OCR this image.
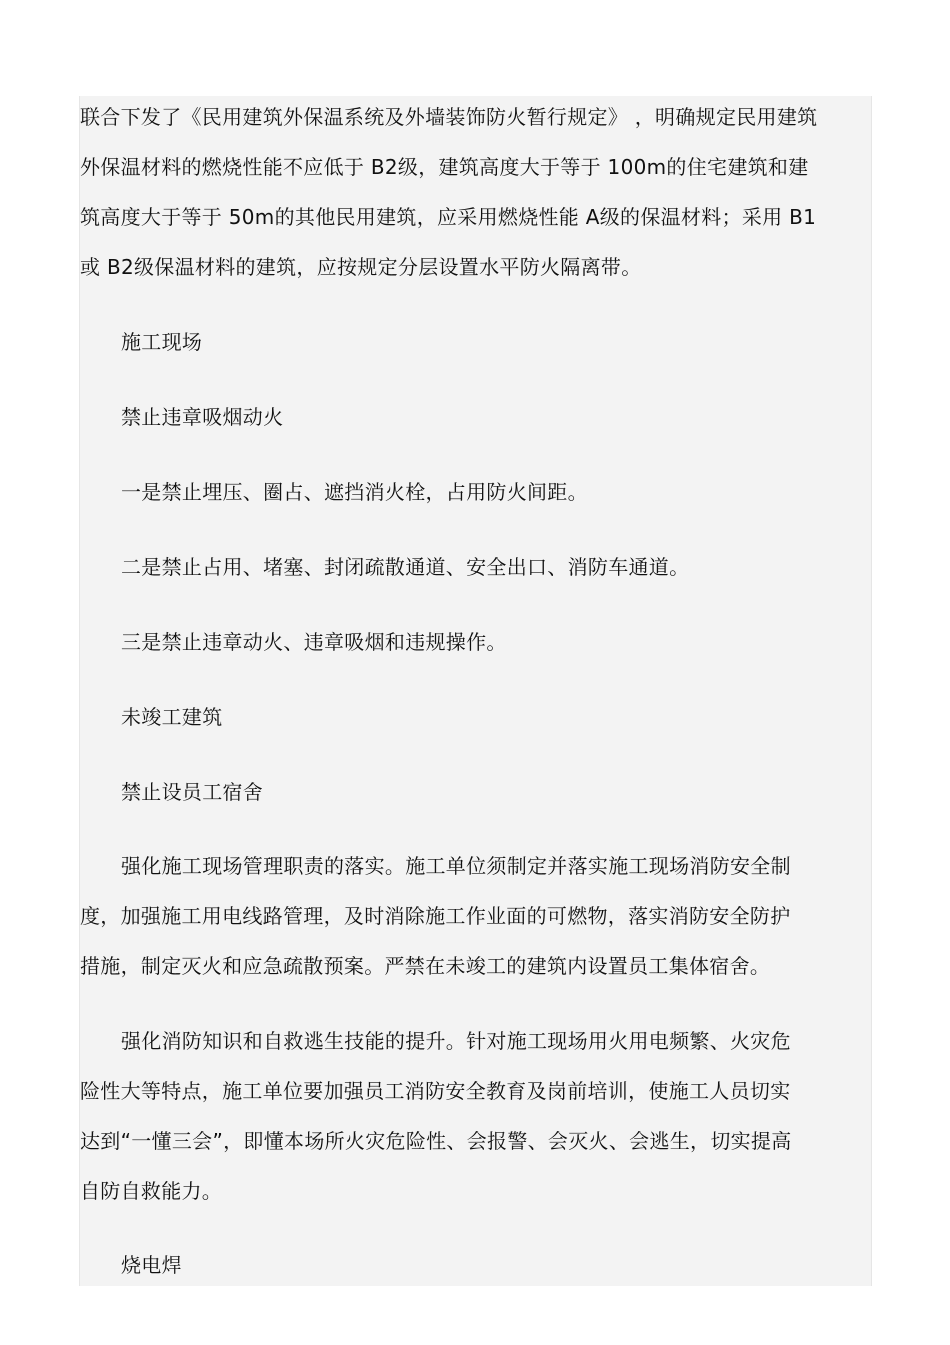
联合下发了《民用建筑外保温系统及外墙装饰防火暂行规定》 ，明确规定民用建筑
外保温材料的燃烧性能不应低于 B2级，建筑高度大于等于 100m的住宅建筑和建
筑高度大于等于 50m的其他民用建筑，应采用燃烧性能 A级的保温材料；采用 B1
或 B2级保温材料的建筑，应按规定分层设置水平防火隔离带。
施工现场
禁止违章吸烟动火
一是禁止埋压、圈占、遮挡消火栓，占用防火间距。
二是禁止占用、堵塞、封闭疏散通道、安全出口、消防车通道。
三是禁止违章动火、违章吸烟和违规操作。
未竣工建筑
禁止设员工宿舍
强化施工现场管理职责的落实。施工单位须制定并落实施工现场消防安全制
度，加强施工用电线路管理，及时消除施工作业面的可燃物，落实消防安全防护
措施，制定灭火和应急疏散预案。严禁在未竣工的建筑内设置员工集体宿舍。
强化消防知识和自救逃生技能的提升。针对施工现场用火用电频繁、火灾危
险性大等特点，施工单位要加强员工消防安全教育及岗前培训，使施工人员切实
达到“一懂三会”，即懂本场所火灾危险性、会报警、会灭火、会逃生，切实提高
自防自救能力。
烧电焊
